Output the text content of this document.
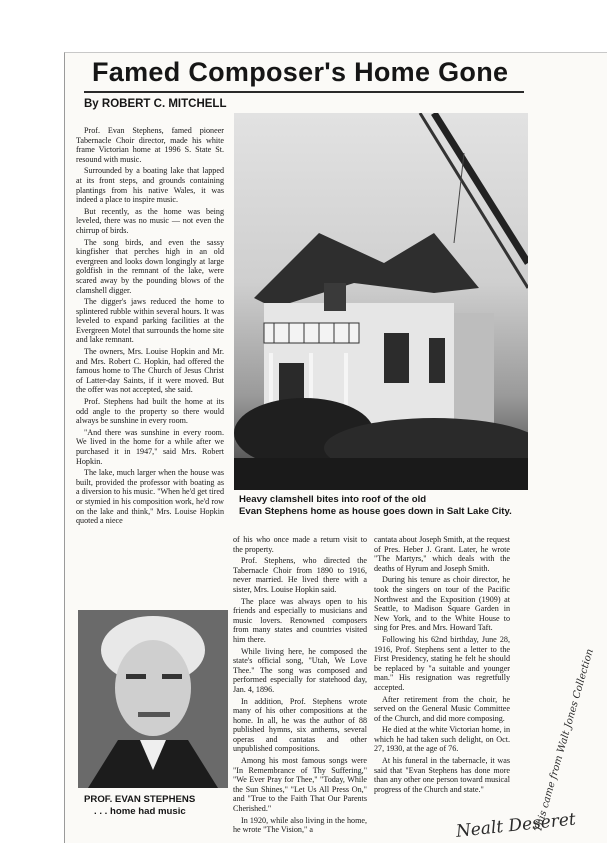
Famed Composer's Home Gone
By ROBERT C. MITCHELL

Prof. Evan Stephens, famed pioneer Tabernacle Choir director, made his white frame Victorian home at 1996 S. State St. resound with music.

Surrounded by a boating lake that lapped at its front steps, and grounds containing plantings from his native Wales, it was indeed a place to inspire music.

But recently, as the home was being leveled, there was no music — not even the chirrup of birds.

The song birds, and even the sassy kingfisher that perches high in an old evergreen and looks down longingly at large goldfish in the remnant of the lake, were scared away by the pounding blows of the clamshell digger.

The digger's jaws reduced the home to splintered rubble within several hours. It was leveled to expand parking facilities at the Evergreen Motel that surrounds the home site and lake remnant.

The owners, Mrs. Louise Hopkin and Mr. and Mrs. Robert C. Hopkin, had offered the famous home to The Church of Jesus Christ of Latter-day Saints, if it were moved. But the offer was not accepted, she said.

Prof. Stephens had built the home at its odd angle to the property so there would always be sunshine in every room.

"And there was sunshine in every room. We lived in the home for a while after we purchased it in 1947," said Mrs. Robert Hopkin.

The lake, much larger when the house was built, provided the professor with boating as a diversion to his music. "When he'd get tired or stymied in his composition work, he'd row on the lake and think," Mrs. Louise Hopkin quoted a niece

Heavy clamshell bites into roof of the old
Evan Stephens home as house goes down in Salt Lake City.

of his who once made a return visit to the property.

Prof. Stephens, who directed the Tabernacle Choir from 1890 to 1916, never married. He lived there with a sister, Mrs. Louise Hopkin said.

The place was always open to his friends and especially to musicians and music lovers. Renowned composers from many states and countries visited him there.

While living here, he composed the state's official song, "Utah, We Love Thee." The song was composed and performed especially for statehood day, Jan. 4, 1896.

In addition, Prof. Stephens wrote many of his other compositions at the home. In all, he was the author of 88 published hymns, six anthems, several operas and cantatas and other unpublished compositions.

Among his most famous songs were "In Remembrance of Thy Suffering," "We Ever Pray for Thee," "Today, While the Sun Shines," "Let Us All Press On," and "True to the Faith That Our Parents Cherished."

In 1920, while also living in the home, he wrote "The Vision," a

cantata about Joseph Smith, at the request of Pres. Heber J. Grant. Later, he wrote "The Martyrs," which deals with the deaths of Hyrum and Joseph Smith.

During his tenure as choir director, he took the singers on tour of the Pacific Northwest and the Exposition (1909) at Seattle, to Madison Square Garden in New York, and to the White House to sing for Pres. and Mrs. Howard Taft.

Following his 62nd birthday, June 28, 1916, Prof. Stephens sent a letter to the First Presidency, stating he felt he should be replaced by "a suitable and younger man." His resignation was regretfully accepted.

After retirement from the choir, he served on the General Music Committee of the Church, and did more composing.

He died at the white Victorian home, in which he had taken such delight, on Oct. 27, 1930, at the age of 76.

At his funeral in the tabernacle, it was said that "Evan Stephens has done more than any other one person toward musical progress of the Church and state."

PROF. EVAN STEPHENS
. . . home had music	This came from Walt Jones Collection
Nealt Deseret
